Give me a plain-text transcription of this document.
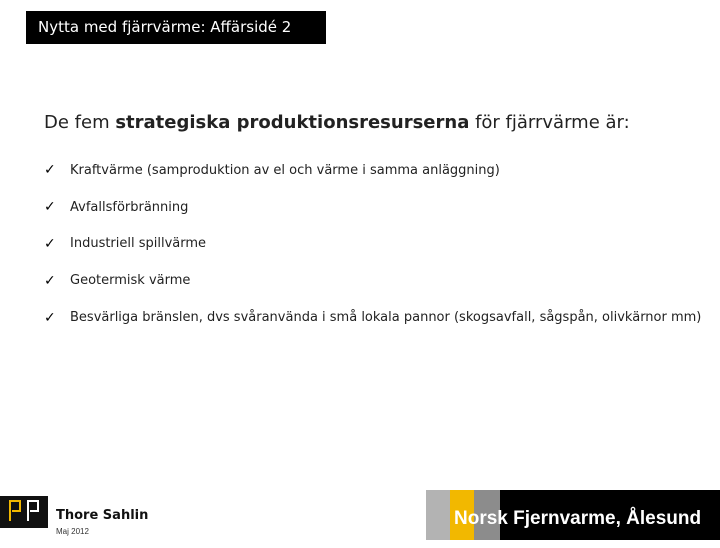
Nytta med fjärrvärme: Affärsidé 2
De fem strategiska produktionsresurserna för fjärrvärme är:
✓	Kraftvärme (samproduktion av el och värme i samma anläggning)
✓	Avfallsförbränning
✓	Industriell spillvärme
✓	Geotermisk värme
✓	Besvärliga bränslen, dvs svåranvända i små lokala pannor (skogsavfall, sågspån, olivkärnor mm)
Thore Sahlin
Maj 2012
Norsk Fjernvarme, Ålesund
